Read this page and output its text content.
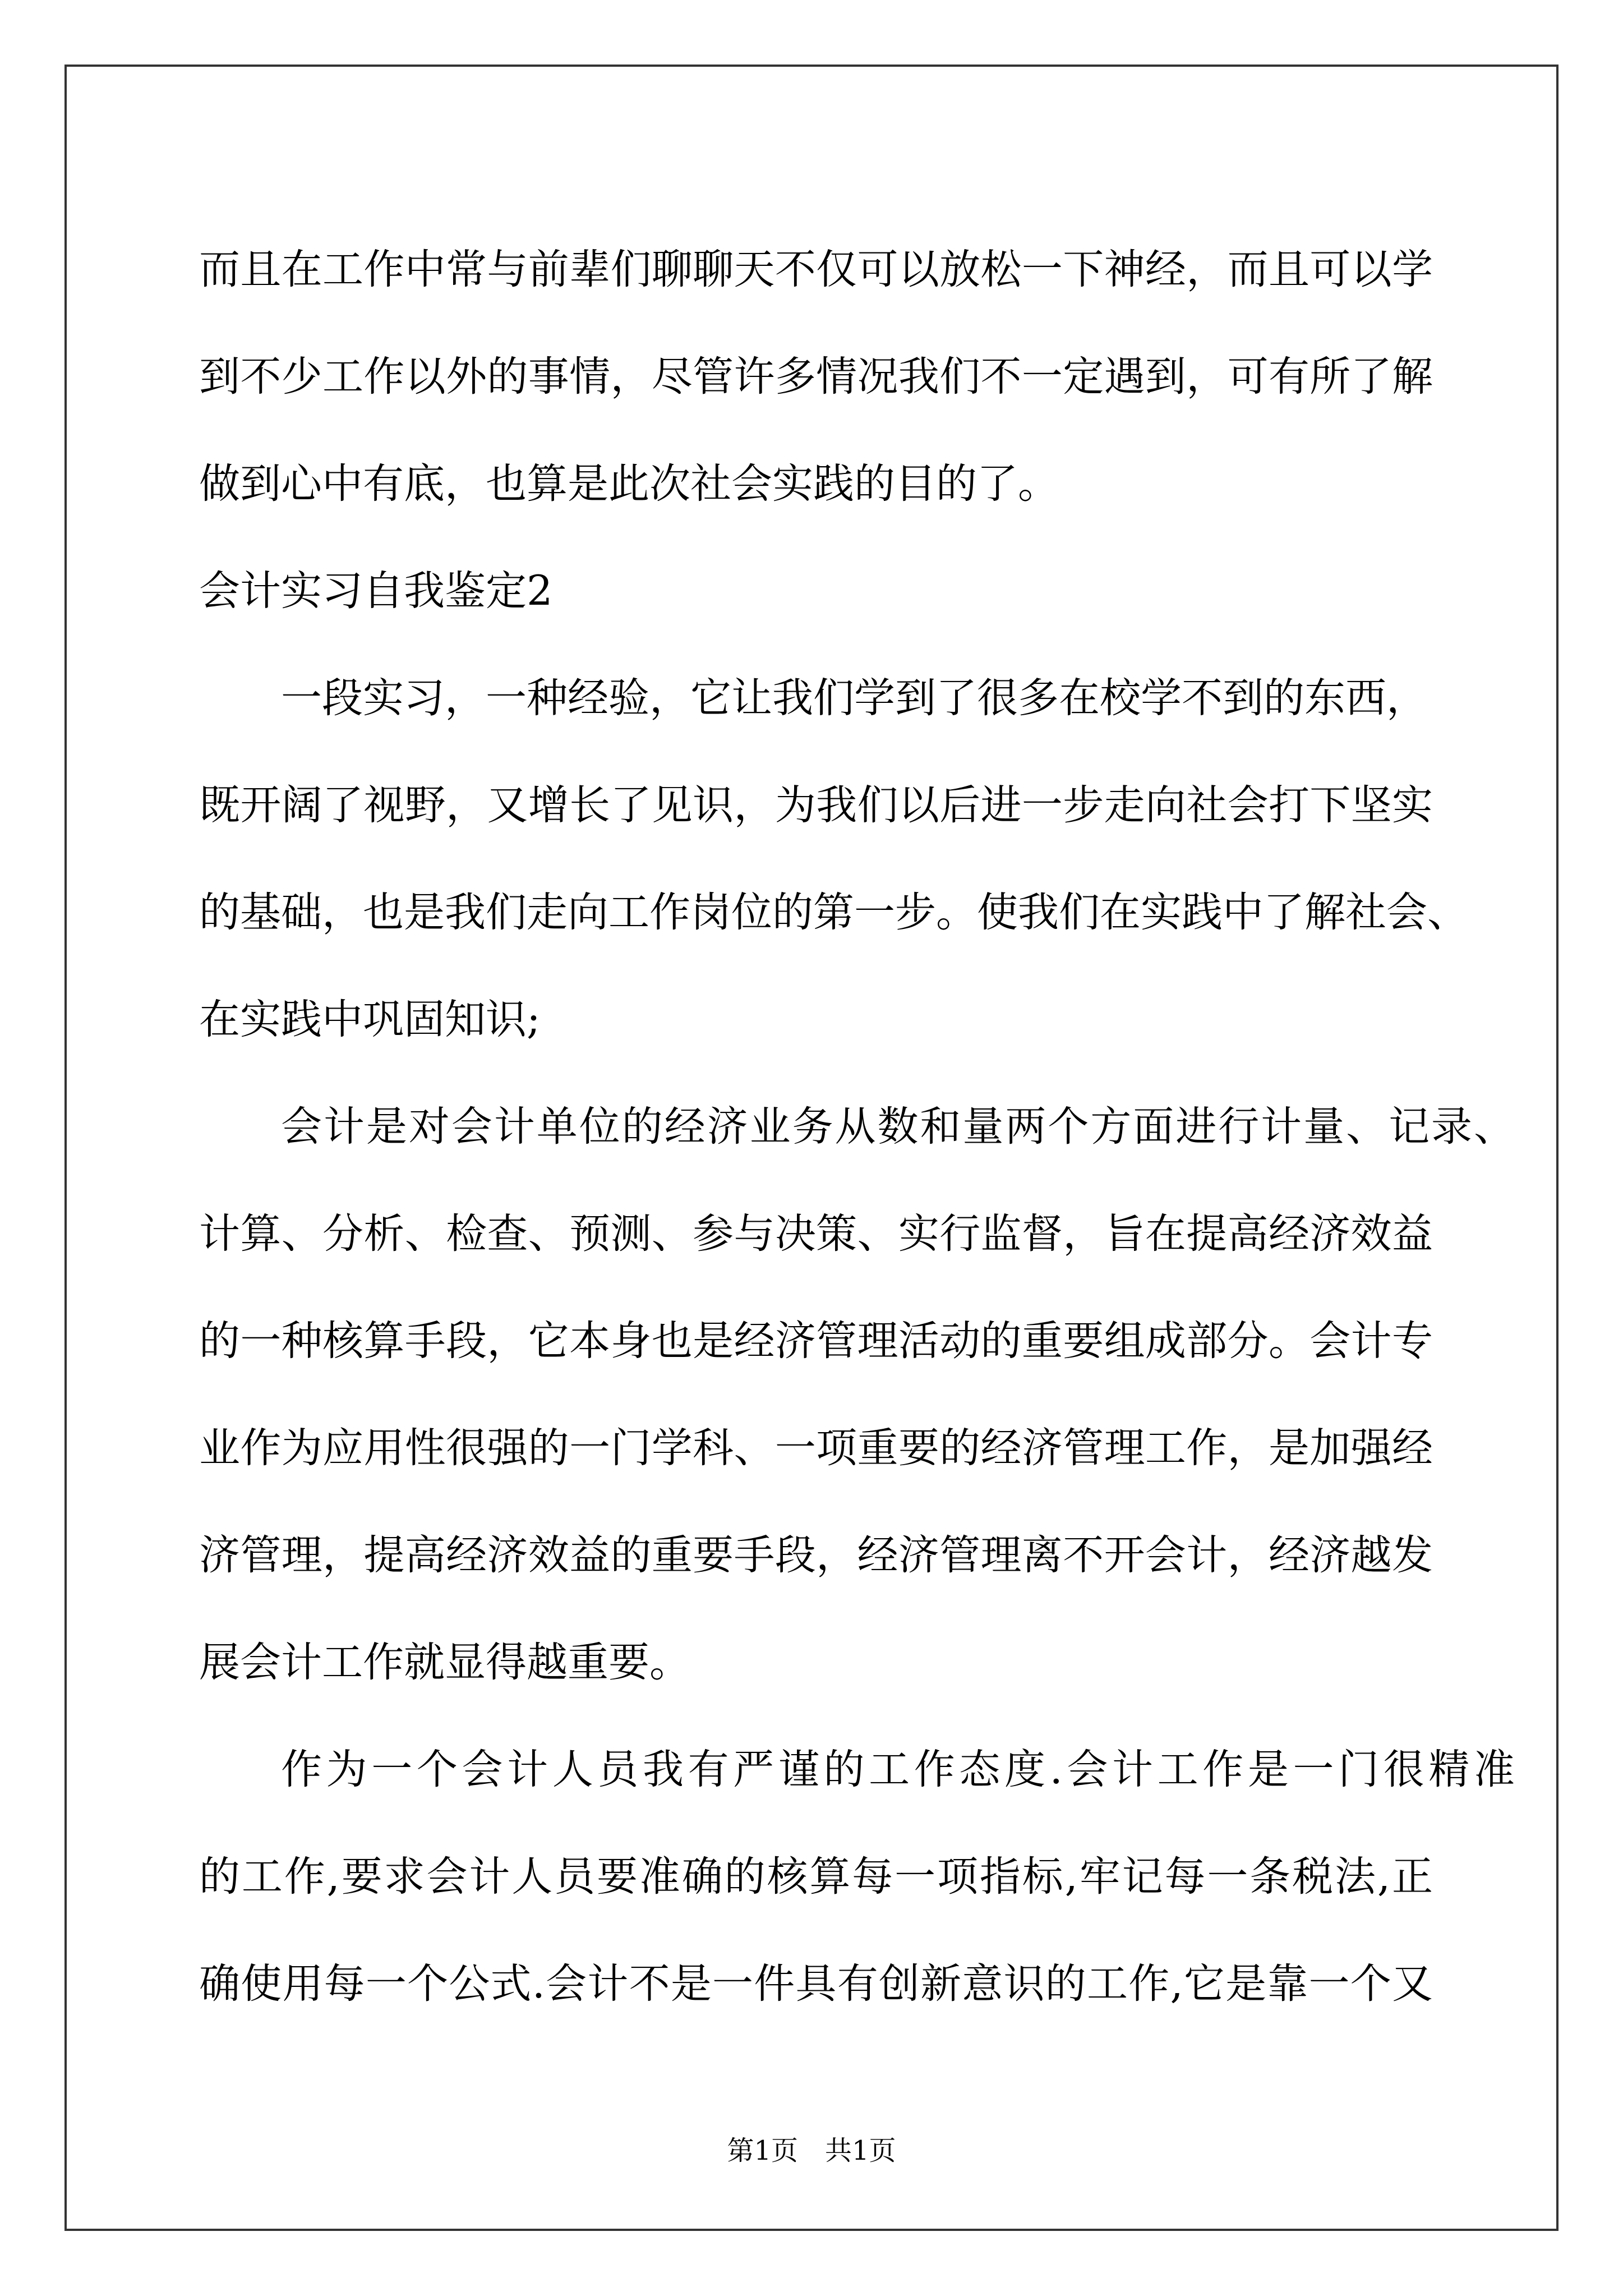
而且在工作中常与前辈们聊聊天不仅可以放松一下神经，而且可以学
到不少工作以外的事情，尽管许多情况我们不一定遇到，可有所了解
做到心中有底，也算是此次社会实践的目的了。
会计实习自我鉴定2
一段实习，一种经验，它让我们学到了很多在校学不到的东西，
既开阔了视野，又增长了见识，为我们以后进一步走向社会打下坚实
的基础，也是我们走向工作岗位的第一步。使我们在实践中了解社会、
在实践中巩固知识;
会计是对会计单位的经济业务从数和量两个方面进行计量、记录、
计算、分析、检查、预测、参与决策、实行监督，旨在提高经济效益
的一种核算手段，它本身也是经济管理活动的重要组成部分。会计专
业作为应用性很强的一门学科、一项重要的经济管理工作，是加强经
济管理，提高经济效益的重要手段，经济管理离不开会计，经济越发
展会计工作就显得越重要。
作为一个会计人员我有严谨的工作态度.会计工作是一门很精准
的工作,要求会计人员要准确的核算每一项指标,牢记每一条税法,正
确使用每一个公式.会计不是一件具有创新意识的工作,它是靠一个又
第1页　共1页
